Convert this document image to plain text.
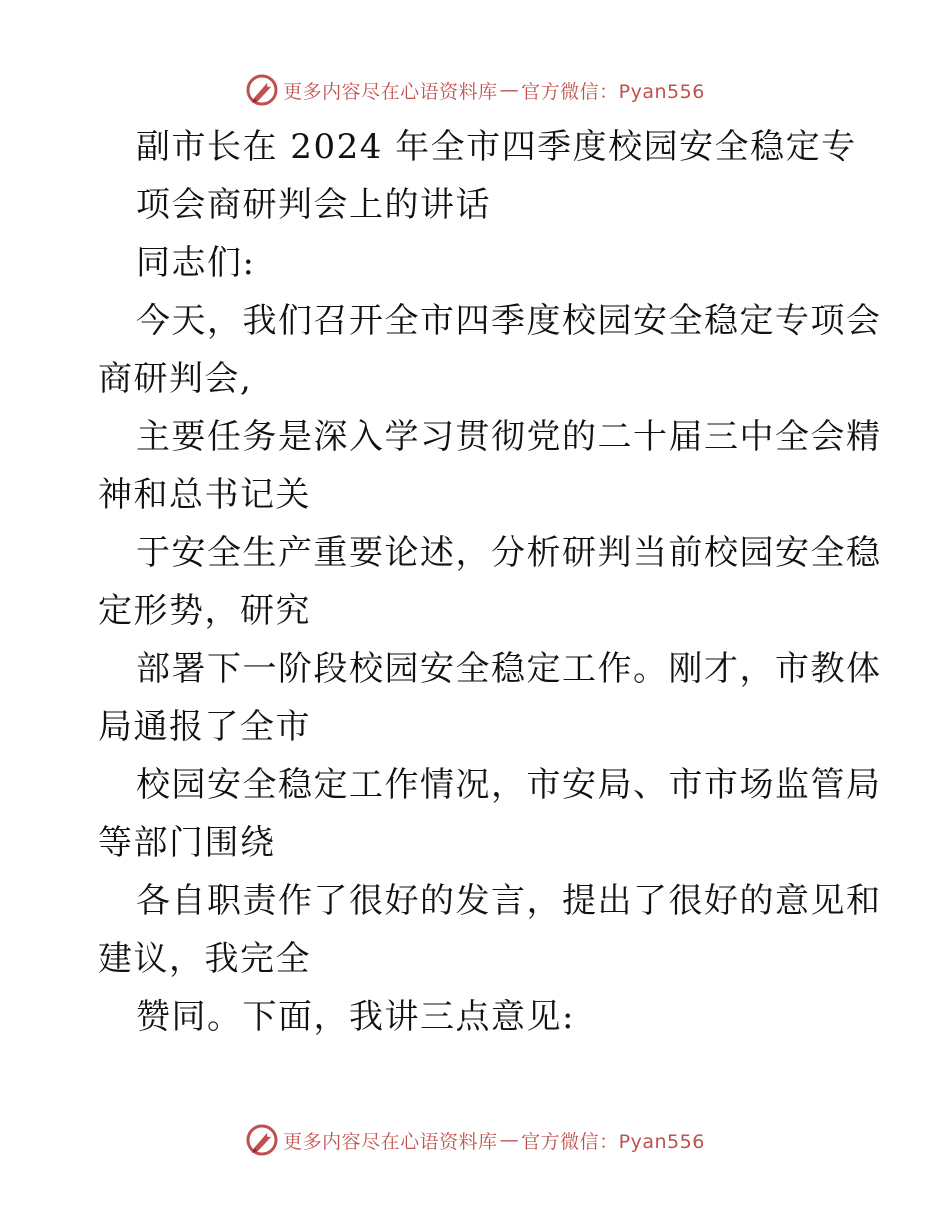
更多内容尽在心语资料库 — 官方微信：Pyan556
副市长在 2024 年全市四季度校园安全稳定专
项会商研判会上的讲话
同志们:
今天，我们召开全市四季度校园安全稳定专项会
商研判会,
主要任务是深入学习贯彻党的二十届三中全会精
神和总书记关
于安全生产重要论述，分析研判当前校园安全稳
定形势，研究
部署下一阶段校园安全稳定工作。刚才，市教体
局通报了全市
校园安全稳定工作情况，市安局、市市场监管局
等部门围绕
各自职责作了很好的发言，提出了很好的意见和
建议，我完全
赞同。下面，我讲三点意见:
更多内容尽在心语资料库 — 官方微信：Pyan556
